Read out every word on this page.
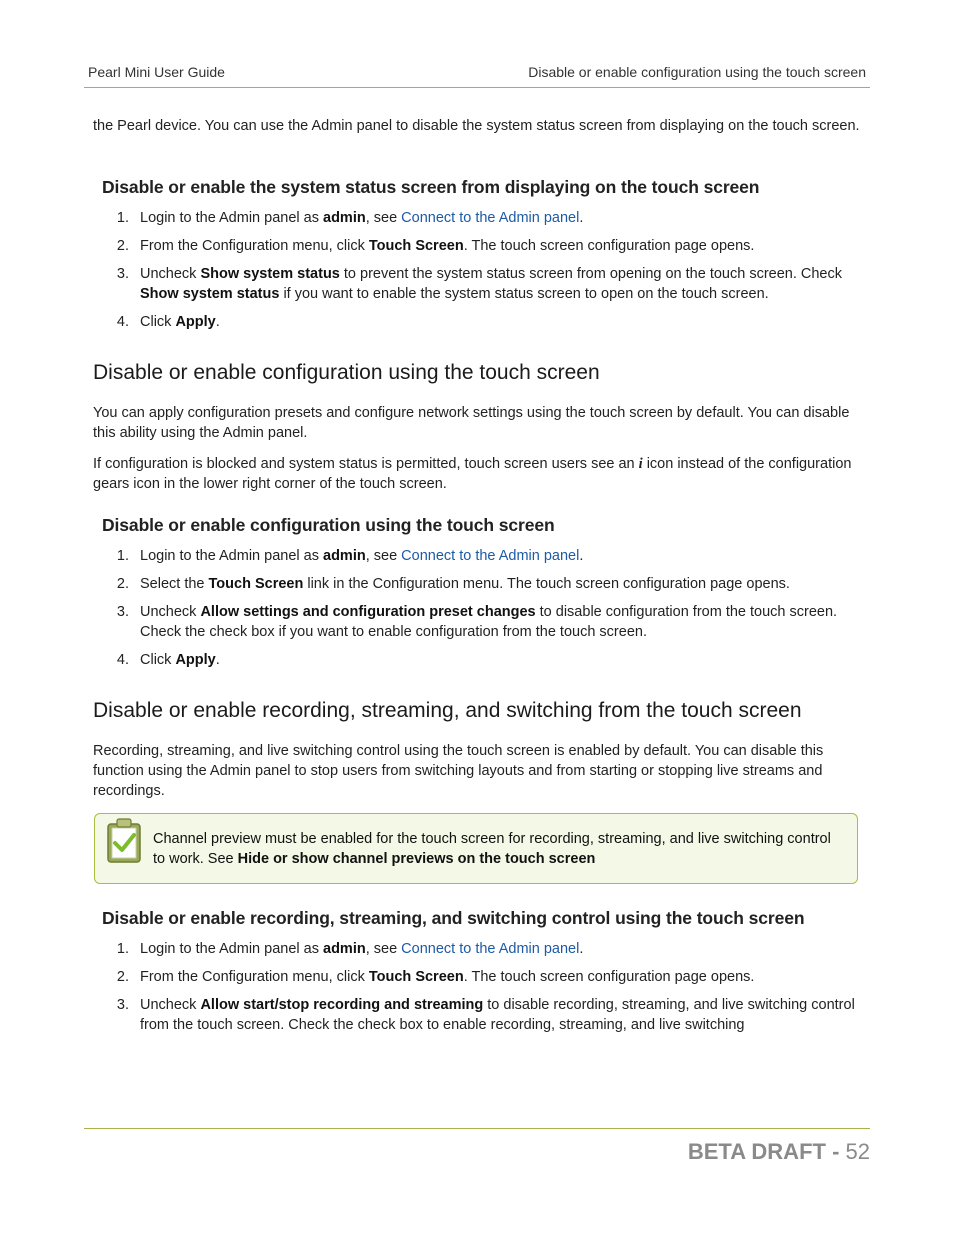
Pearl Mini User Guide	Disable or enable configuration using the touch screen
the Pearl device. You can use the Admin panel to disable the system status screen from displaying on the touch screen.
Disable or enable the system status screen from displaying on the touch screen
1. Login to the Admin panel as admin, see Connect to the Admin panel.
2. From the Configuration menu, click Touch Screen. The touch screen configuration page opens.
3. Uncheck Show system status to prevent the system status screen from opening on the touch screen. Check Show system status if you want to enable the system status screen to open on the touch screen.
4. Click Apply.
Disable or enable configuration using the touch screen
You can apply configuration presets and configure network settings using the touch screen by default. You can disable this ability using the Admin panel.
If configuration is blocked and system status is permitted, touch screen users see an i icon instead of the configuration gears icon in the lower right corner of the touch screen.
Disable or enable configuration using the touch screen
1. Login to the Admin panel as admin, see Connect to the Admin panel.
2. Select the Touch Screen link in the Configuration menu. The touch screen configuration page opens.
3. Uncheck Allow settings and configuration preset changes to disable configuration from the touch screen. Check the check box if you want to enable configuration from the touch screen.
4. Click Apply.
Disable or enable recording, streaming, and switching from the touch screen
Recording, streaming, and live switching control using the touch screen is enabled by default. You can disable this function using the Admin panel to stop users from switching layouts and from starting or stopping live streams and recordings.
Channel preview must be enabled for the touch screen for recording, streaming, and live switching control to work. See Hide or show channel previews on the touch screen
Disable or enable recording, streaming, and switching control using the touch screen
1. Login to the Admin panel as admin, see Connect to the Admin panel.
2. From the Configuration menu, click Touch Screen. The touch screen configuration page opens.
3. Uncheck Allow start/stop recording and streaming to disable recording, streaming, and live switching control from the touch screen. Check the check box to enable recording, streaming, and live switching
BETA DRAFT - 52
